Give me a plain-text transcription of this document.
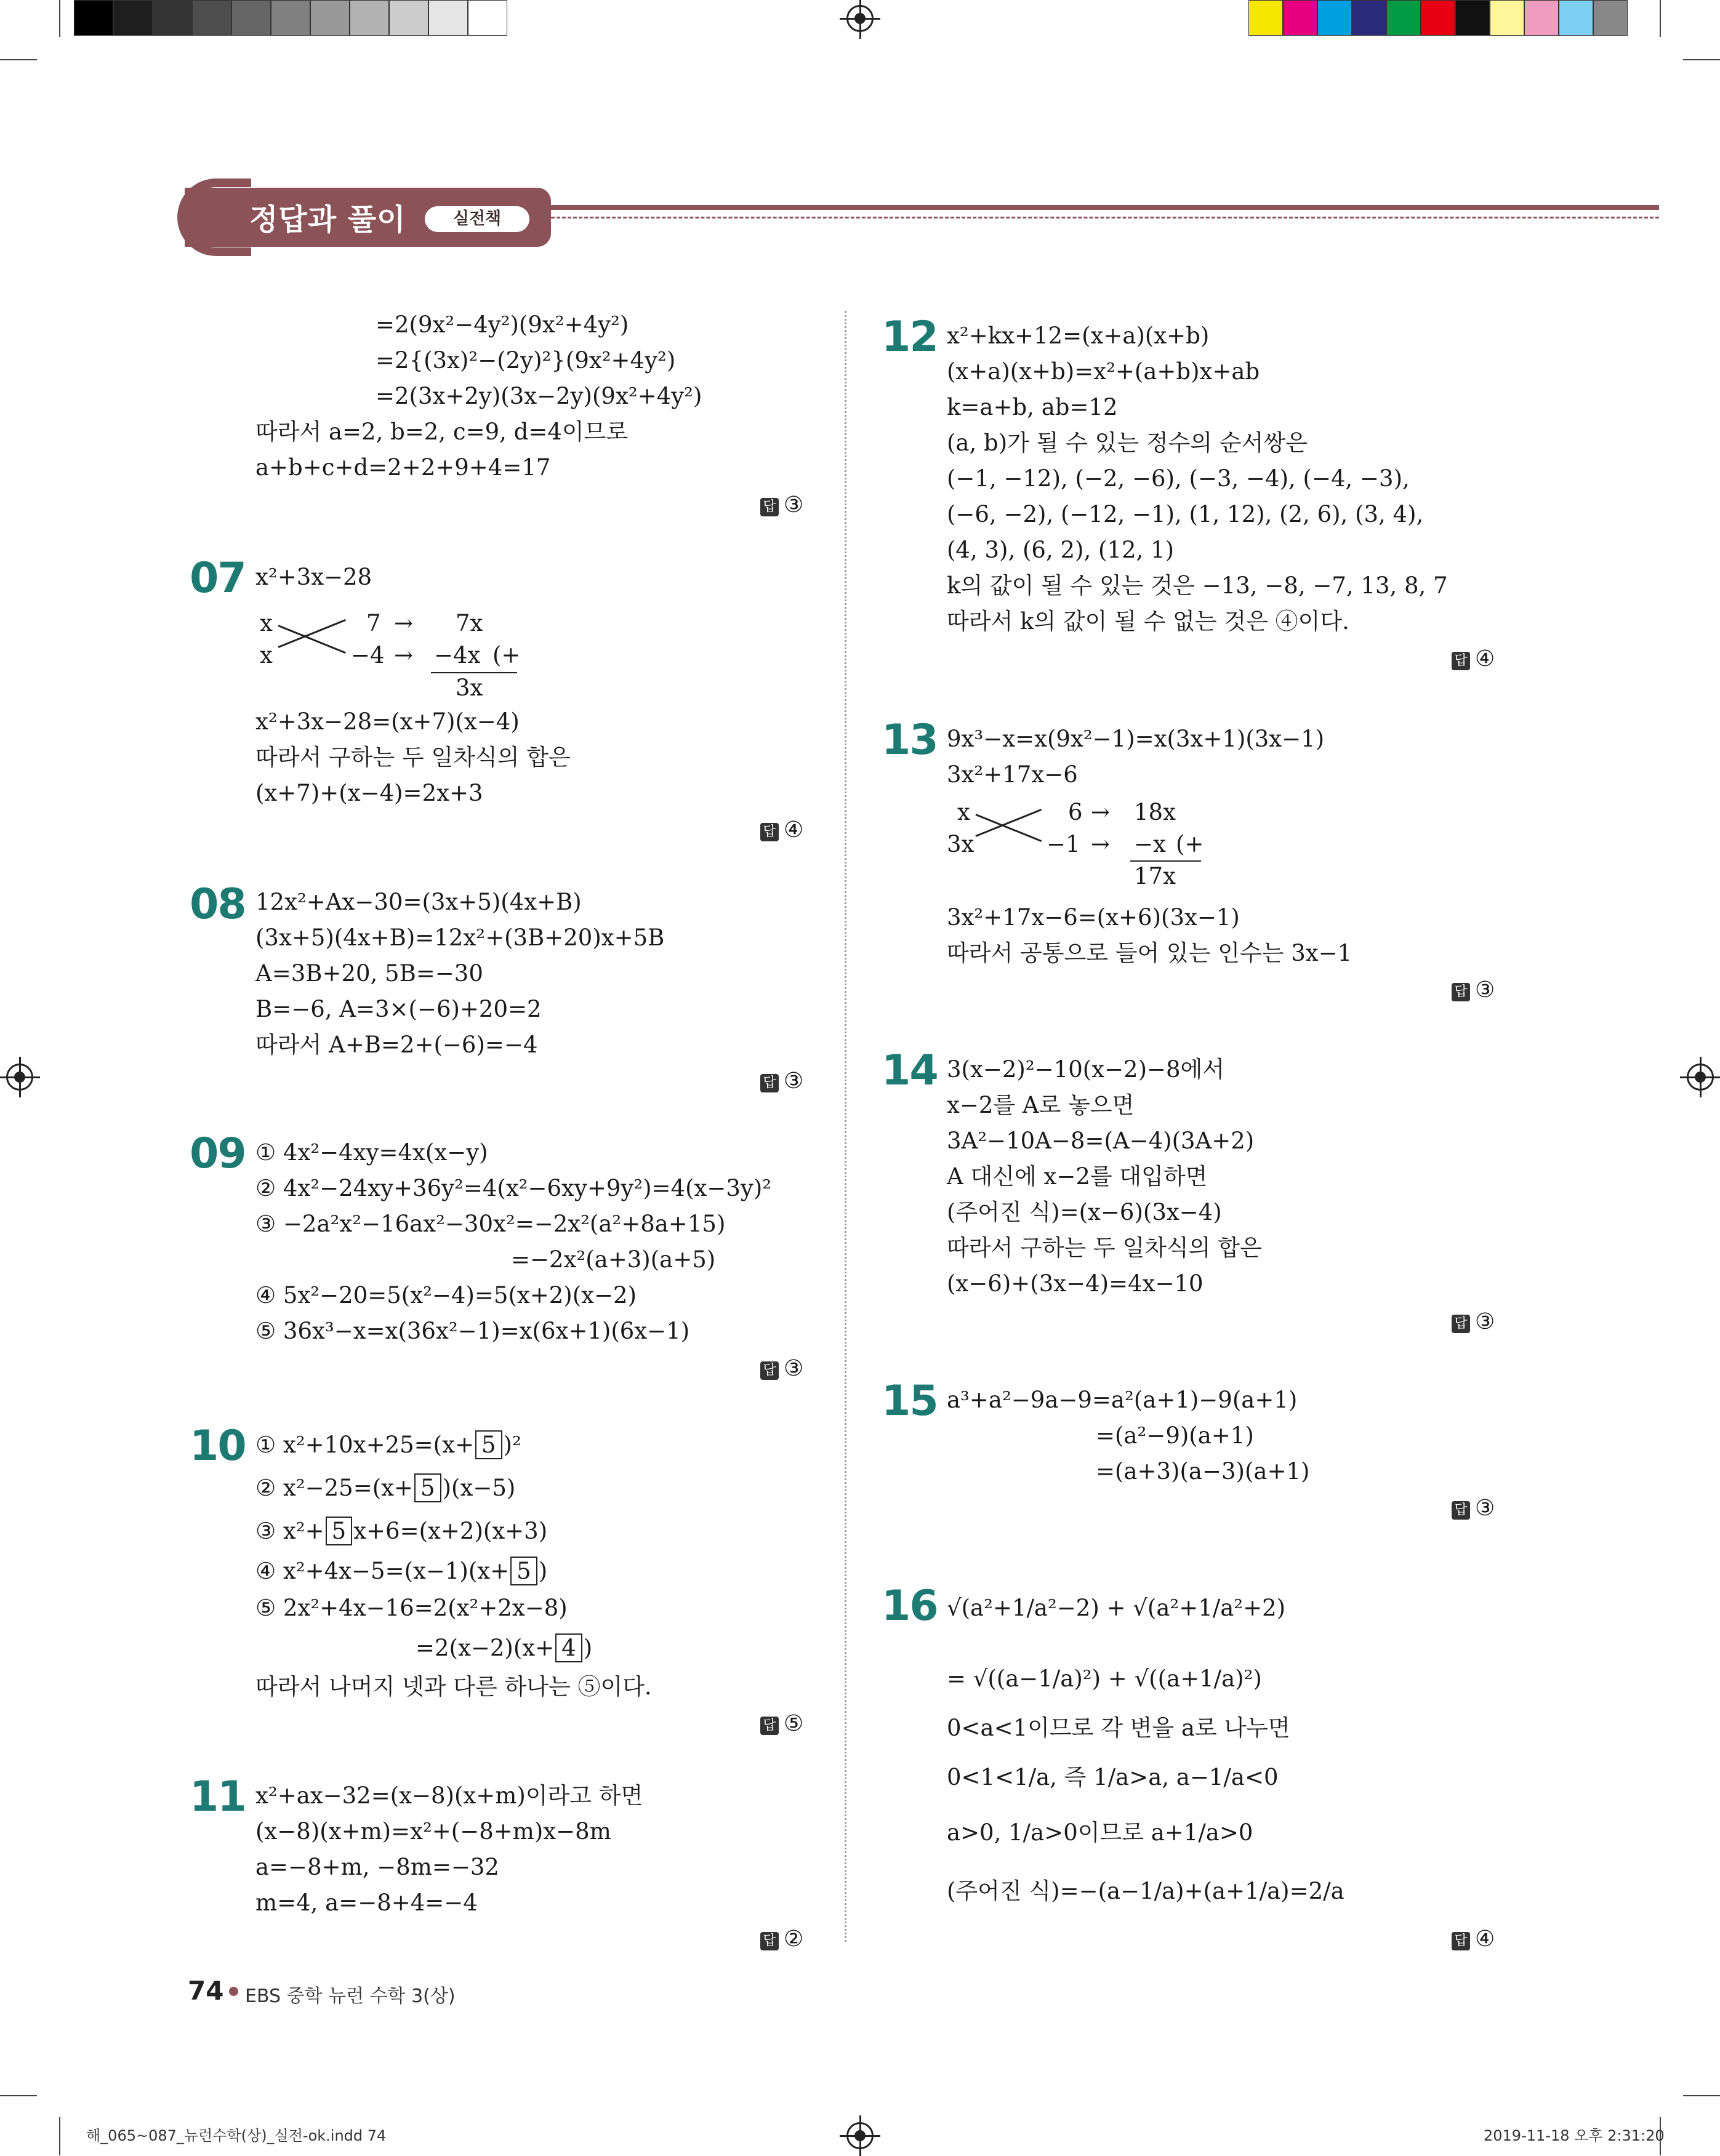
정답과 풀이	실전책
=2(9x²−4y²)(9x²+4y²)
=2{(3x)²−(2y)²}(9x²+4y²)
=2(3x+2y)(3x−2y)(9x²+4y²)
따라서 a=2, b=2, c=9, d=4이므로
a+b+c+d=2+2+9+4=17
답 ③
07 x²+3x−28
x
x
7
−4
→
→
7x
−4x (+
3x
x²+3x−28=(x+7)(x−4)
따라서 구하는 두 일차식의 합은
(x+7)+(x−4)=2x+3
답 ④
08 12x²+Ax−30=(3x+5)(4x+B)
(3x+5)(4x+B)=12x²+(3B+20)x+5B
A=3B+20, 5B=−30
B=−6, A=3×(−6)+20=2
따라서 A+B=2+(−6)=−4
답 ③
09 ① 4x²−4xy=4x(x−y)
② 4x²−24xy+36y²=4(x²−6xy+9y²)=4(x−3y)²
③ −2a²x²−16ax²−30x²=−2x²(a²+8a+15)
=−2x²(a+3)(a+5)
④ 5x²−20=5(x²−4)=5(x+2)(x−2)
⑤ 36x³−x=x(36x²−1)=x(6x+1)(6x−1)
답 ③
10 ① x²+10x+25=(x+ 5 )²
② x²−25=(x+ 5 )(x−5)
③ x²+ 5 x+6=(x+2)(x+3)
④ x²+4x−5=(x−1)(x+ 5 )
⑤ 2x²+4x−16=2(x²+2x−8)
=2(x−2)(x+ 4 )
따라서 나머지 넷과 다른 하나는 ⑤이다.
답 ⑤
11 x²+ax−32=(x−8)(x+m)이라고 하면
(x−8)(x+m)=x²+(−8+m)x−8m
a=−8+m, −8m=−32
m=4, a=−8+4=−4
답 ②
12 x²+kx+12=(x+a)(x+b)
(x+a)(x+b)=x²+(a+b)x+ab
k=a+b, ab=12
(a, b)가 될 수 있는 정수의 순서쌍은
(−1, −12), (−2, −6), (−3, −4), (−4, −3),
(−6, −2), (−12, −1), (1, 12), (2, 6), (3, 4),
(4, 3), (6, 2), (12, 1)
k의 값이 될 수 있는 것은 −13, −8, −7, 13, 8, 7
따라서 k의 값이 될 수 없는 것은 ④이다.
답 ④
13 9x³−x=x(9x²−1)=x(3x+1)(3x−1)
3x²+17x−6
x
3x
6
−1
→
→
18x
−x (+
17x
3x²+17x−6=(x+6)(3x−1)
따라서 공통으로 들어 있는 인수는 3x−1
답 ③
14 3(x−2)²−10(x−2)−8에서
x−2를 A로 놓으면
3A²−10A−8=(A−4)(3A+2)
A 대신에 x−2를 대입하면
(주어진 식)=(x−6)(3x−4)
따라서 구하는 두 일차식의 합은
(x−6)+(3x−4)=4x−10
답 ③
15 a³+a²−9a−9=a²(a+1)−9(a+1)
=(a²−9)(a+1)
=(a+3)(a−3)(a+1)
답 ③
16 √(a²+1/a²−2) + √(a²+1/a²+2)
= √((a−1/a)²) + √((a+1/a)²)
0<a<1이므로 각 변을 a로 나누면
0<1<1/a, 즉 1/a>a, a−1/a<0
a>0, 1/a>0이므로 a+1/a>0
(주어진 식)=−(a−1/a)+(a+1/a)=2/a
답 ④
74 EBS 중학 뉴런 수학 3(상)
해_065~087_뉴런수학(상)_실전-ok.indd 74	2019-11-18 오후 2:31:20
